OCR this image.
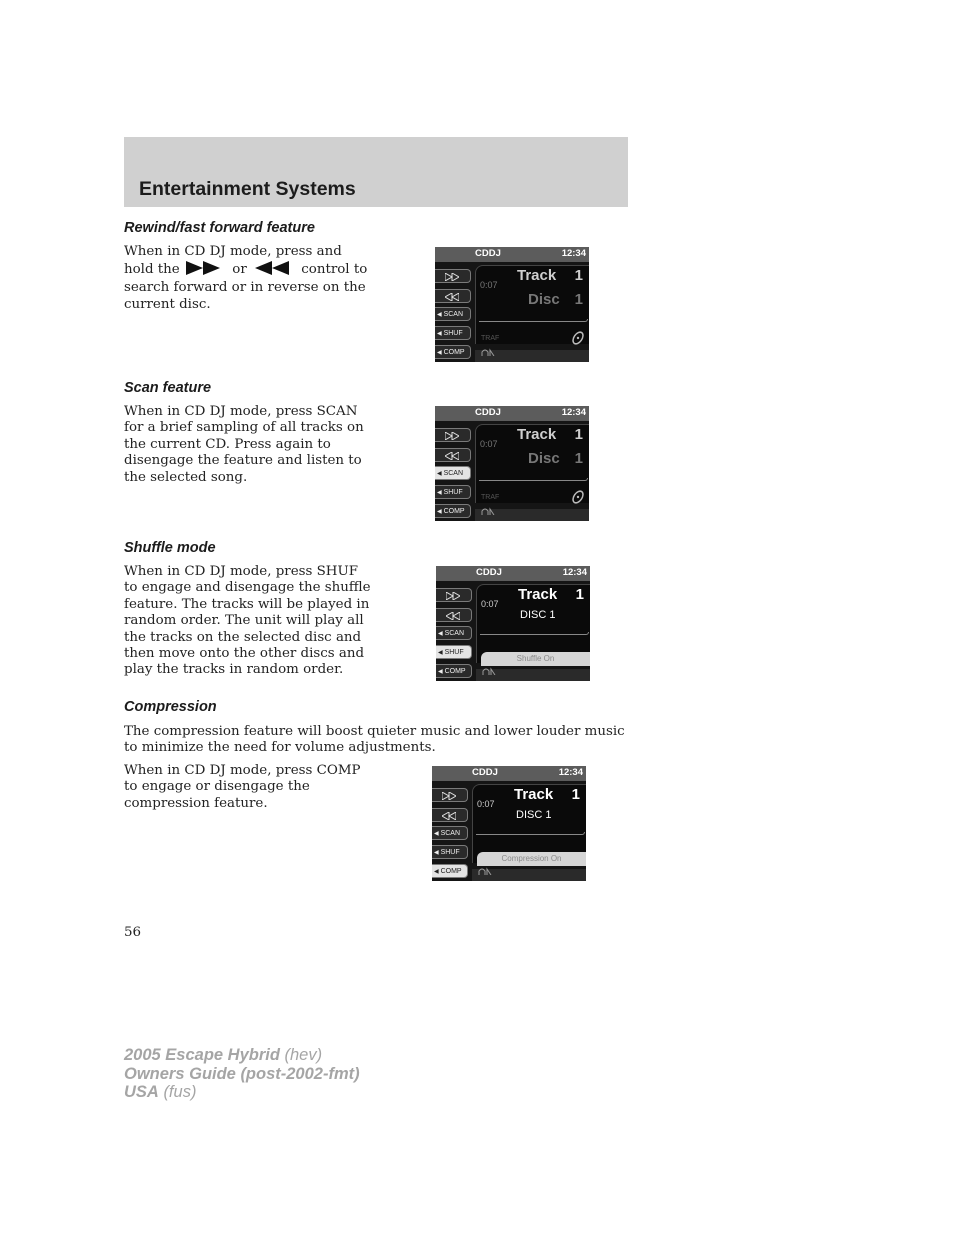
Entertainment Systems
Rewind/fast forward feature
When in CD DJ mode, press and
hold the	or	control to
search forward or in reverse on the
current disc.
CDDJ	12:34
◀ SCAN
◀ SHUF
◀ COMP
0:07
Track 1
Disc 1
TRAF
Scan feature
When in CD DJ mode, press SCAN
for a brief sampling of all tracks on
the current CD. Press again to
disengage the feature and listen to
the selected song.
CDDJ	12:34
◀ SCAN
◀ SHUF
◀ COMP
0:07
Track 1
Disc 1
TRAF
Shuffle mode
When in CD DJ mode, press SHUF
to engage and disengage the shuffle
feature. The tracks will be played in
random order. The unit will play all
the tracks on the selected disc and
then move onto the other discs and
play the tracks in random order.
CDDJ	12:34
◀ SCAN
◀ SHUF
◀ COMP
0:07
Track 1
DISC 1
Shuffle On
Compression
The compression feature will boost quieter music and lower louder music
to minimize the need for volume adjustments.
When in CD DJ mode, press COMP
to engage or disengage the
compression feature.
CDDJ	12:34
◀ SCAN
◀ SHUF
◀ COMP
0:07
Track 1
DISC 1
Compression On
56
2005 Escape Hybrid (hev)
Owners Guide (post-2002-fmt)
USA (fus)
